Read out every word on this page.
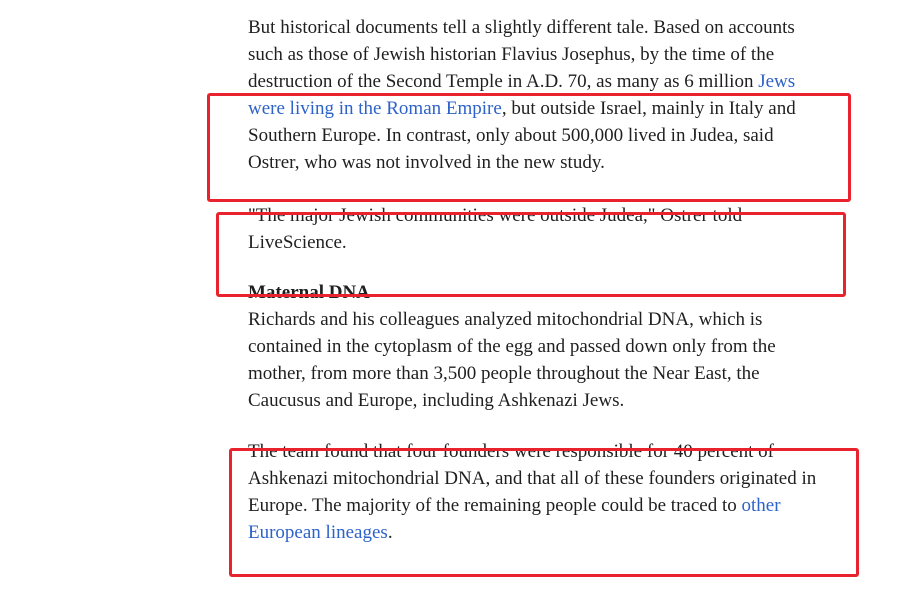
But historical documents tell a slightly different tale. Based on accounts such as those of Jewish historian Flavius Josephus, by the time of the destruction of the Second Temple in A.D. 70, as many as 6 million Jews were living in the Roman Empire, but outside Israel, mainly in Italy and Southern Europe. In contrast, only about 500,000 lived in Judea, said Ostrer, who was not involved in the new study.

"The major Jewish communities were outside Judea," Ostrer told LiveScience.

Maternal DNA

Richards and his colleagues analyzed mitochondrial DNA, which is contained in the cytoplasm of the egg and passed down only from the mother, from more than 3,500 people throughout the Near East, the Caucusus and Europe, including Ashkenazi Jews.

The team found that four founders were responsible for 40 percent of Ashkenazi mitochondrial DNA, and that all of these founders originated in Europe. The majority of the remaining people could be traced to other European lineages.
